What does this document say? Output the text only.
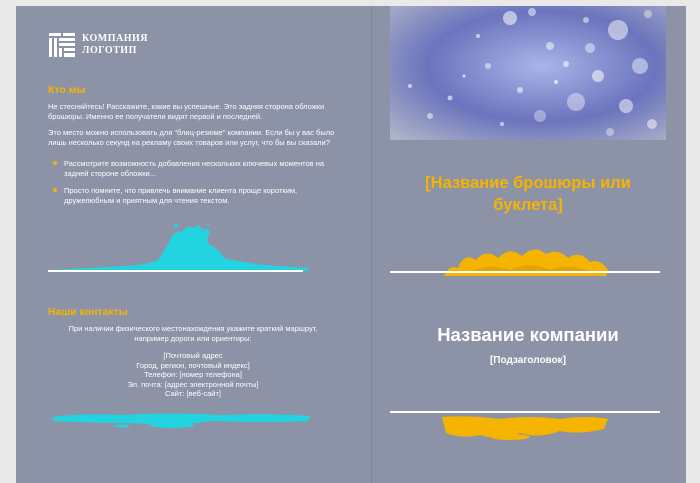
КОМПАНИЯ
ЛОГОТИП
Кто мы

Не стесняйтесь! Расскажите, какие вы успешные. Это задняя сторона обложки брошюры. Именно ее получатели видят первой и последней.

Это место можно использовать для "блиц-резюме" компании. Если бы у вас было лишь несколько секунд на рекламу своих товаров или услуг, что бы вы сказали?

Рассмотрите возможность добавления нескольких ключевых моментов на задней стороне обложки...
Просто помните, что привлечь внимание клиента проще коротким, дружелюбным и приятным для чтения текстом.
Наши контакты
При наличии физического местонахождения укажите краткий маршрут, например дороги или ориентиры:
[Почтовый адрес
Город, регион, почтовый индекс]
Телефон: [номер телефона]
Эл. почта: [адрес электронной почты]
Сайт: [веб-сайт]
[Название брошюры или
буклета]
Название компании
[Подзаголовок]
